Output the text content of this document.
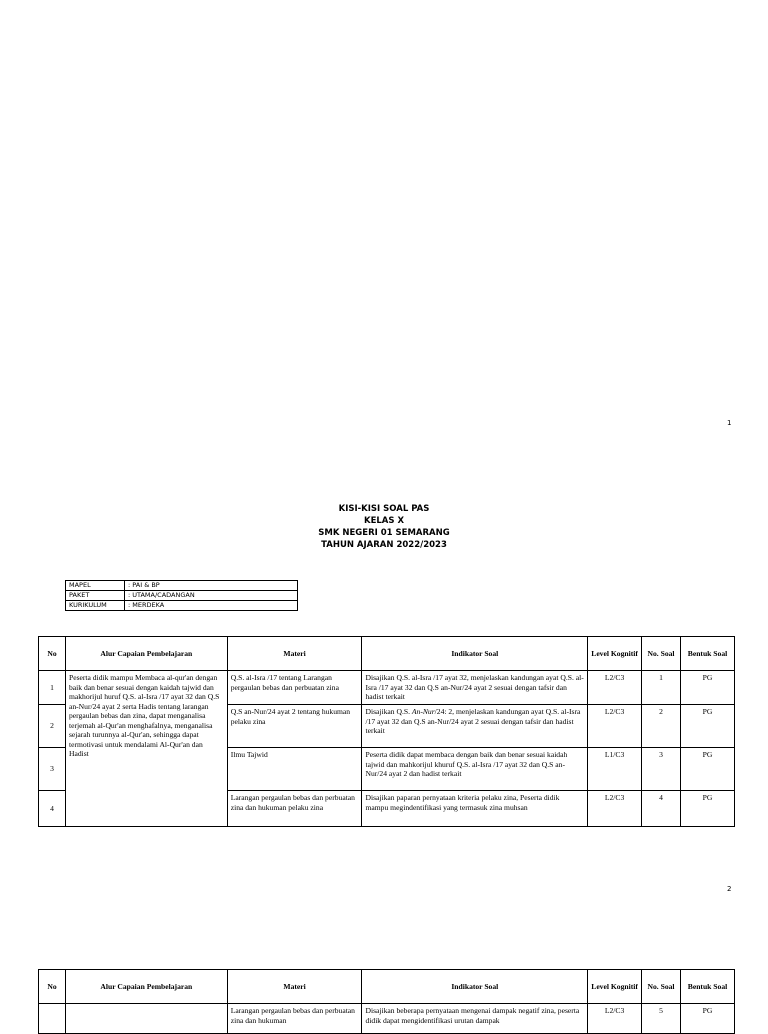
1
KISI-KISI SOAL PAS
KELAS X
SMK NEGERI 01 SEMARANG
TAHUN AJARAN 2022/2023
MAPEL	: PAI & BP
PAKET	: UTAMA/CADANGAN
KURIKULUM	: MERDEKA
No	Alur Capaian Pembelajaran	Materi	Indikator Soal	Level Kognitif	No. Soal	Bentuk Soal
1	Peserta didik mampu Membaca al-qur'an dengan baik dan benar sesuai dengan kaidah tajwid dan makhorijul huruf Q.S. al-Isra /17 ayat 32 dan Q.S an-Nur/24 ayat 2 serta Hadis tentang larangan pergaulan bebas dan zina, dapat menganalisa terjemah al-Qur'an menghafalnya, menganalisa sejarah turunnya al-Qur'an, sehingga dapat termotivasi untuk mendalami Al-Qur'an dan Hadist	Q.S. al-Isra /17 tentang Larangan pergaulan bebas dan perbuatan zina	Disajikan Q.S. al-Isra /17 ayat 32, menjelaskan kandungan ayat Q.S. al-Isra /17 ayat 32 dan Q.S an-Nur/24 ayat 2 sesuai dengan tafsir dan hadist terkait	L2/C3	1	PG
2		Q.S an-Nur/24 ayat 2 tentang hukuman pelaku zina	Disajikan Q.S. An-Nur/24: 2, menjelaskan kandungan ayat Q.S. al-Isra /17 ayat 32 dan Q.S an-Nur/24 ayat 2 sesuai dengan tafsir dan hadist terkait	L2/C3	2	PG
3		Ilmu Tajwid	Peserta didik dapat membaca dengan baik dan benar sesuai kaidah tajwid dan mahkorijul khuruf Q.S. al-Isra /17 ayat 32 dan Q.S an-Nur/24 ayat 2 dan hadist terkait	L1/C3	3	PG
4		Larangan pergaulan bebas dan perbuatan zina dan hukuman pelaku zina	Disajikan paparan pernyataan kriteria pelaku zina, Peserta didik mampu megindentifikasi yang termasuk zina muhsan	L2/C3	4	PG
2
No	Alur Capaian Pembelajaran	Materi	Indikator Soal	Level Kognitif	No. Soal	Bentuk Soal
		Larangan pergaulan bebas dan perbuatan zina dan hukuman	Disajikan beberapa pernyataan mengenai dampak negatif zina, peserta didik dapat mengidentifikasi urutan dampak	L2/C3	5	PG
